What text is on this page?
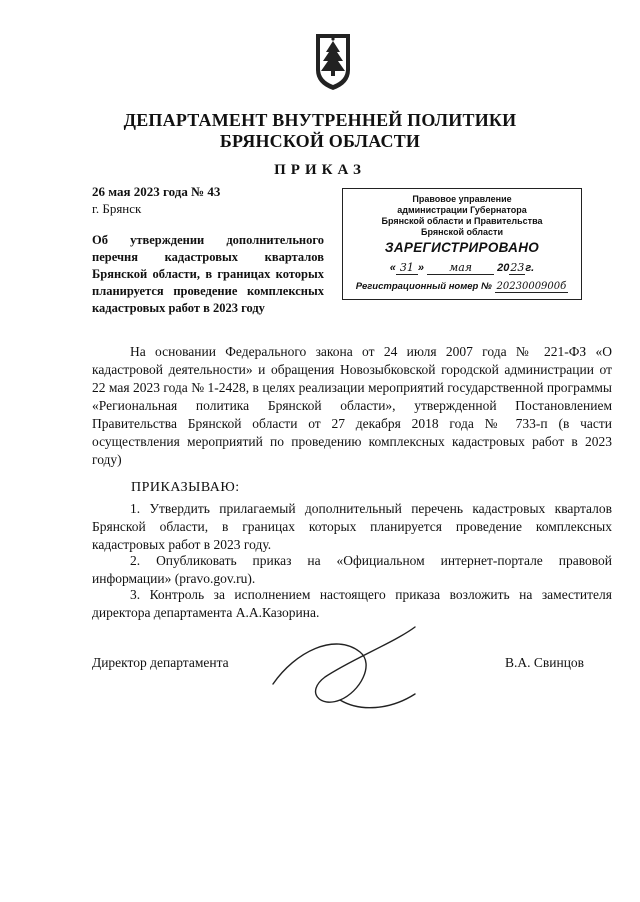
ДЕПАРТАМЕНТ ВНУТРЕННЕЙ ПОЛИТИКИ
БРЯНСКОЙ ОБЛАСТИ
ПРИКАЗ
26 мая 2023 года № 43
г. Брянск
Об утверждении дополнительного перечня кадастровых кварталов Брянской области, в границах которых планируется проведение комплексных кадастровых работ в 2023 году
Правовое управление
администрации Губернатора
Брянской области и Правительства
Брянской области
ЗАРЕГИСТРИРОВАНО
« 31 » мая 2023г.
Регистрационный номер № 2023000900б
На основании Федерального закона от 24 июля 2007 года № 221-ФЗ «О кадастровой деятельности» и обращения Новозыбковской городской администрации от 22 мая 2023 года № 1-2428, в целях реализации мероприятий государственной программы «Региональная политика Брянской области», утвержденной Постановлением Правительства Брянской области от 27 декабря 2018 года № 733-п (в части осуществления мероприятий по проведению комплексных кадастровых работ в 2023 году)
ПРИКАЗЫВАЮ:
1. Утвердить прилагаемый дополнительный перечень кадастровых кварталов Брянской области, в границах которых планируется проведение комплексных кадастровых работ в 2023 году.
2. Опубликовать приказ на «Официальном интернет-портале правовой информации» (pravo.gov.ru).
3. Контроль за исполнением настоящего приказа возложить на заместителя директора департамента А.А.Казорина.
Директор департамента	В.А. Свинцов
